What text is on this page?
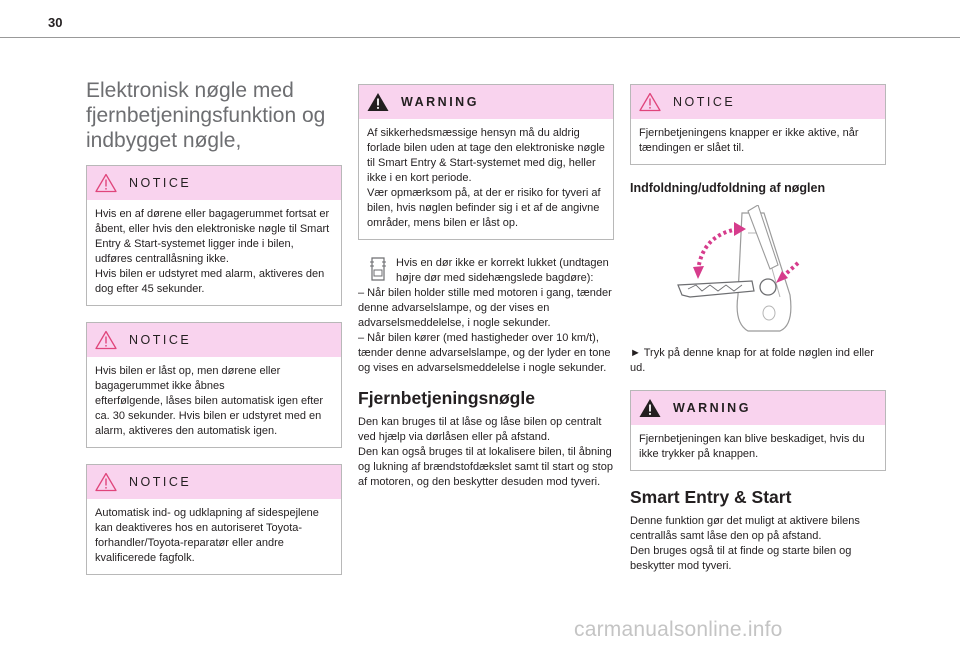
30
Elektronisk nøgle med fjernbetjeningsfunktion og indbygget nøgle,
NOTICE
Hvis en af dørene eller bagagerummet fortsat er åbent, eller hvis den elektroniske nøgle til Smart Entry & Start-systemet ligger inde i bilen, udføres centrallåsning ikke.
Hvis bilen er udstyret med alarm, aktiveres den dog efter 45 sekunder.
NOTICE
Hvis bilen er låst op, men dørene eller bagagerummet ikke åbnes
efterfølgende, låses bilen automatisk igen efter ca. 30 sekunder. Hvis bilen er udstyret med en alarm, aktiveres den automatisk igen.
NOTICE
Automatisk ind- og udklapning af sidespejlene kan deaktiveres hos en autoriseret Toyota-forhandler/Toyota-reparatør eller andre kvalificerede fagfolk.
WARNING
Af sikkerhedsmæssige hensyn må du aldrig forlade bilen uden at tage den elektroniske nøgle til Smart Entry & Start-systemet med dig, heller ikke i en kort periode.
Vær opmærksom på, at der er risiko for tyveri af bilen, hvis nøglen befinder sig i et af de angivne områder, mens bilen er låst op.

Hvis en dør ikke er korrekt lukket (undtagen højre dør med sidehængslede bagdøre):
– Når bilen holder stille med motoren i gang, tænder denne advarselslampe, og der vises en advarselsmeddelelse, i nogle sekunder.
– Når bilen kører (med hastigheder over 10 km/t), tænder denne advarselslampe, og der lyder en tone og vises en advarselsmeddelelse i nogle sekunder.

Fjernbetjeningsnøgle

Den kan bruges til at låse og låse bilen op centralt ved hjælp via dørlåsen eller på afstand.
Den kan også bruges til at lokalisere bilen, til åbning og lukning af brændstofdækslet samt til start og stop af motoren, og den beskytter desuden mod tyveri.

NOTICE
Fjernbetjeningens knapper er ikke aktive, når tændingen er slået til.
Indfoldning/udfoldning af nøglen

► Tryk på denne knap for at folde nøglen ind eller ud.

WARNING
Fjernbetjeningen kan blive beskadiget, hvis du ikke trykker på knappen.
Smart Entry & Start

Denne funktion gør det muligt at aktivere bilens centrallås samt låse den op på afstand.
Den bruges også til at finde og starte bilen og beskytter mod tyveri.

carmanualsonline.info
